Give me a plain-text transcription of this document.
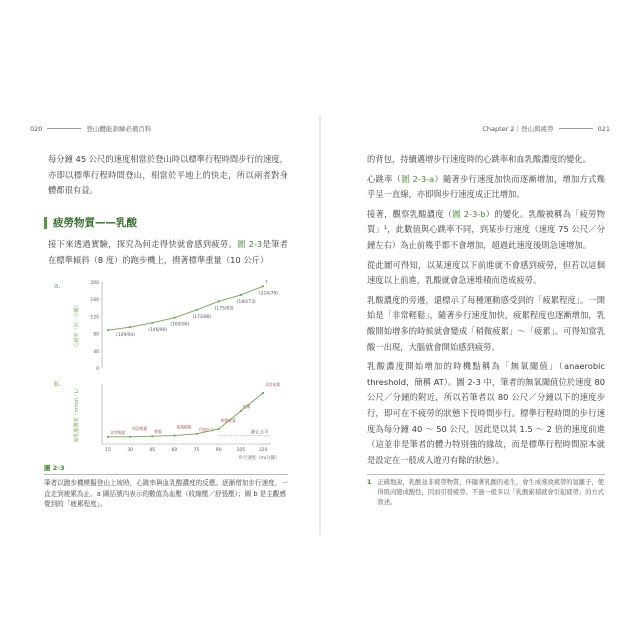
020	登山體能訓練必備百科	Chapter 2｜登山與疲勞	021

每分鐘 45 公尺的速度相當於登山時以標準行程時間步行的速度，亦即以標準行程時間登山，相當於平地上的快走，所以兩者對身體都很有益。

疲勞物質——乳酸

接下來透過實驗，探究為何走得快就會感到疲勞。圖 2-3是筆者在標準傾斜（8 度）的跑步機上，揹著標準重量（10 公斤）

a.
0
40
80
120
160
200
心跳率（次／分鐘）	(149/94)
(146/90)
(160/90)
(173/88)
(175/83)
(180/73)
(214/79)
?
b.
血乳酸濃度（mmol／L）	非常輕鬆
相當輕鬆
輕鬆
稍微輕鬆 有點吃力
稍微疲累
疲累
非常疲累
靜止水平
15	30	45	60	75	90	105	120
步行速度（m/分鐘）
圖 2-3
筆者以跑步機模擬登山上坡時，心跳率與血乳酸濃度的反應。逐漸增加步行速度，一直走到疲累為止。a 圖括號內表示的數值為血壓（收縮壓／舒張壓）；圖 b 是主觀感覺到的「疲累程度」。

的背包，持續邁增步行速度時的心跳率和血乳酸濃度的變化。

心跳率（圖 2-3-a）隨著步行速度加快而逐漸增加，增加方式幾乎呈一直線，亦即與步行速度成正比增加。

接著，觀察乳酸濃度（圖 2-3-b）的變化。乳酸被稱為「疲勞物質」¹，此數值與心跳率不同，到某步行速度（速度 75 公尺／分鐘左右）為止前幾乎都不會增加，超過此速度後則急速增加。

從此圖可得知，以某速度以下前進就不會感到疲勞，但若以這個速度以上前進，乳酸就會急速堆積而造成疲勞。

乳酸濃度的旁邊，還標示了每種運動感受到的「疲累程度」。一開始是「非常輕鬆」，隨著步行速度加快，疲累程度也逐漸增加，乳酸開始增多的時候就會變成「稍微疲累」～「疲累」。可得知當乳酸一出現，大腦就會開始感到疲勞。

乳酸濃度開始增加的時機點稱為「無氧閾值」（anaerobic threshold，簡稱 AT）。圖 2-3 中，筆者的無氧閾值位於速度 80 公尺／分鐘的附近，所以若筆者以 80 公尺／分鐘以下的速度步行，即可在不疲勞的狀態下長時間步行。標準行程時間的步行速度為每分鐘 40 ～ 50 公尺，因此是以其 1.5 ～ 2 倍的速度前進（這並非是筆者的體力特別強的緣故，而是標準行程時間原本就是設定在一般成人遊刃有餘的狀態）。

1 正確地說，乳酸並非疲勞物質，伴隨著乳酸的產生，會生成導致疲勞的氫離子，使得肌肉變成酸性，因而引發疲勞。不過一般多以「乳酸累積就會引起疲勞」的方式敘述。
